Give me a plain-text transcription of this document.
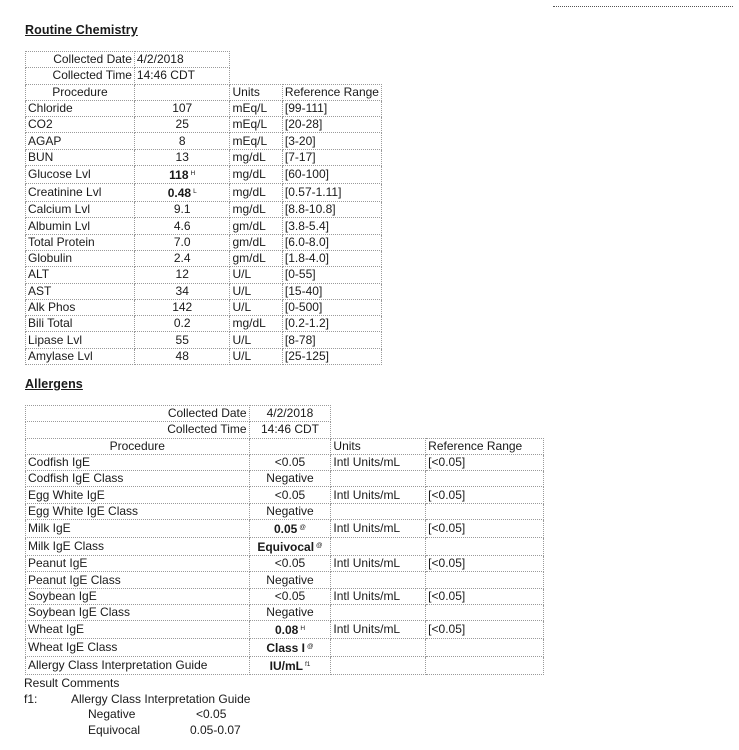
Routine Chemistry
Collected Date	4/2/2018		
Collected Time	14:46 CDT		
Procedure		Units	Reference Range
Chloride	107	mEq/L	[99-111]
CO2	25	mEq/L	[20-28]
AGAP	8	mEq/L	[3-20]
BUN	13	mg/dL	[7-17]
Glucose Lvl	118 $^H$	mg/dL	[60-100]
Creatinine Lvl	0.48 $^L$	mg/dL	[0.57-1.11]
Calcium Lvl	9.1	mg/dL	[8.8-10.8]
Albumin Lvl	4.6	gm/dL	[3.8-5.4]
Total Protein	7.0	gm/dL	[6.0-8.0]
Globulin	2.4	gm/dL	[1.8-4.0]
ALT	12	U/L	[0-55]
AST	34	U/L	[15-40]
Alk Phos	142	U/L	[0-500]
Bili Total	0.2	mg/dL	[0.2-1.2]
Lipase Lvl	55	U/L	[8-78]
Amylase Lvl	48	U/L	[25-125]
Allergens
Collected Date	4/2/2018		
Collected Time	14:46 CDT		
Procedure		Units	Reference Range
Codfish IgE	<0.05	Intl Units/mL	[<0.05]
Codfish IgE Class	Negative		
Egg White IgE	<0.05	Intl Units/mL	[<0.05]
Egg White IgE Class	Negative		
Milk IgE	0.05 @	Intl Units/mL	[<0.05]
Milk IgE Class	Equivocal @		
Peanut IgE	<0.05	Intl Units/mL	[<0.05]
Peanut IgE Class	Negative		
Soybean IgE	<0.05	Intl Units/mL	[<0.05]
Soybean IgE Class	Negative		
Wheat IgE	0.08 $^H$	Intl Units/mL	[<0.05]
Wheat IgE Class	Class I @		
Allergy Class Interpretation Guide	IU/mL $^{f1}$		
Result Comments
f1:	Allergy Class Interpretation Guide
Negative	<0.05
Equivocal	0.05-0.07
